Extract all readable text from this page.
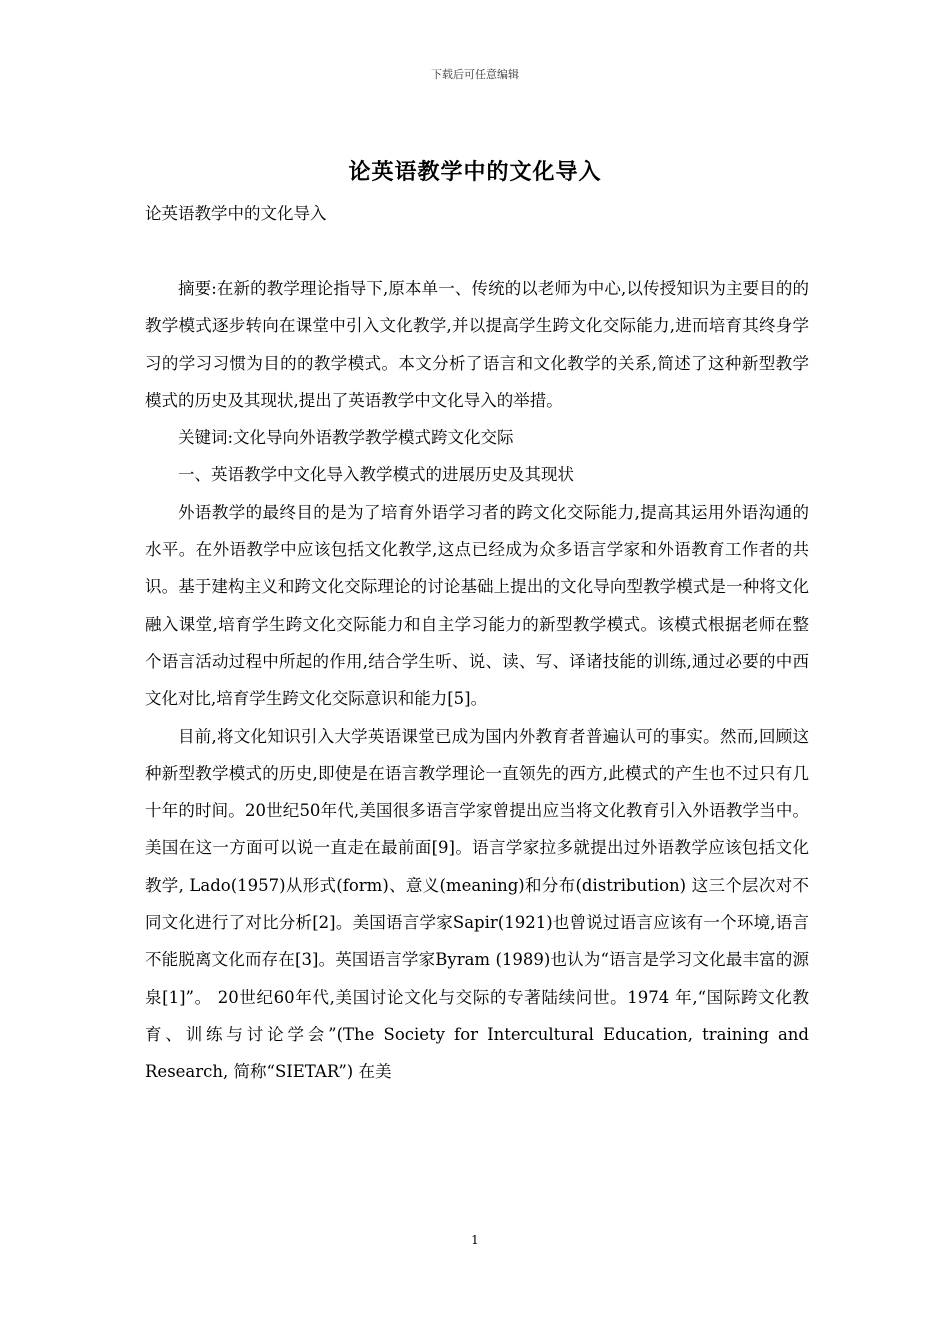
下载后可任意编辑
论英语教学中的文化导入
论英语教学中的文化导入

摘要:在新的教学理论指导下,原本单一、传统的以老师为中心,以传授知识为主要目的的教学模式逐步转向在课堂中引入文化教学,并以提高学生跨文化交际能力,进而培育其终身学习的学习习惯为目的的教学模式。本文分析了语言和文化教学的关系,简述了这种新型教学模式的历史及其现状,提出了英语教学中文化导入的举措。

关键词:文化导向外语教学教学模式跨文化交际

一、英语教学中文化导入教学模式的进展历史及其现状

外语教学的最终目的是为了培育外语学习者的跨文化交际能力,提高其运用外语沟通的水平。在外语教学中应该包括文化教学,这点已经成为众多语言学家和外语教育工作者的共识。基于建构主义和跨文化交际理论的讨论基础上提出的文化导向型教学模式是一种将文化融入课堂,培育学生跨文化交际能力和自主学习能力的新型教学模式。该模式根据老师在整个语言活动过程中所起的作用,结合学生听、说、读、写、译诸技能的训练,通过必要的中西文化对比,培育学生跨文化交际意识和能力[5]。

目前,将文化知识引入大学英语课堂已成为国内外教育者普遍认可的事实。然而,回顾这种新型教学模式的历史,即使是在语言教学理论一直领先的西方,此模式的产生也不过只有几十年的时间。20世纪50年代,美国很多语言学家曾提出应当将文化教育引入外语教学当中。美国在这一方面可以说一直走在最前面[9]。语言学家拉多就提出过外语教学应该包括文化教学, Lado(1957)从形式(form)、意义(meaning)和分布(distribution) 这三个层次对不同文化进行了对比分析[2]。美国语言学家Sapir(1921)也曾说过语言应该有一个环境,语言不能脱离文化而存在[3]。英国语言学家Byram (1989)也认为“语言是学习文化最丰富的源泉[1]”。 20世纪60年代,美国讨论文化与交际的专著陆续问世。1974 年,“国际跨文化教育、训练与讨论学会”(The Society for Intercultural Education, training and Research, 简称“SIETAR”) 在美

1
